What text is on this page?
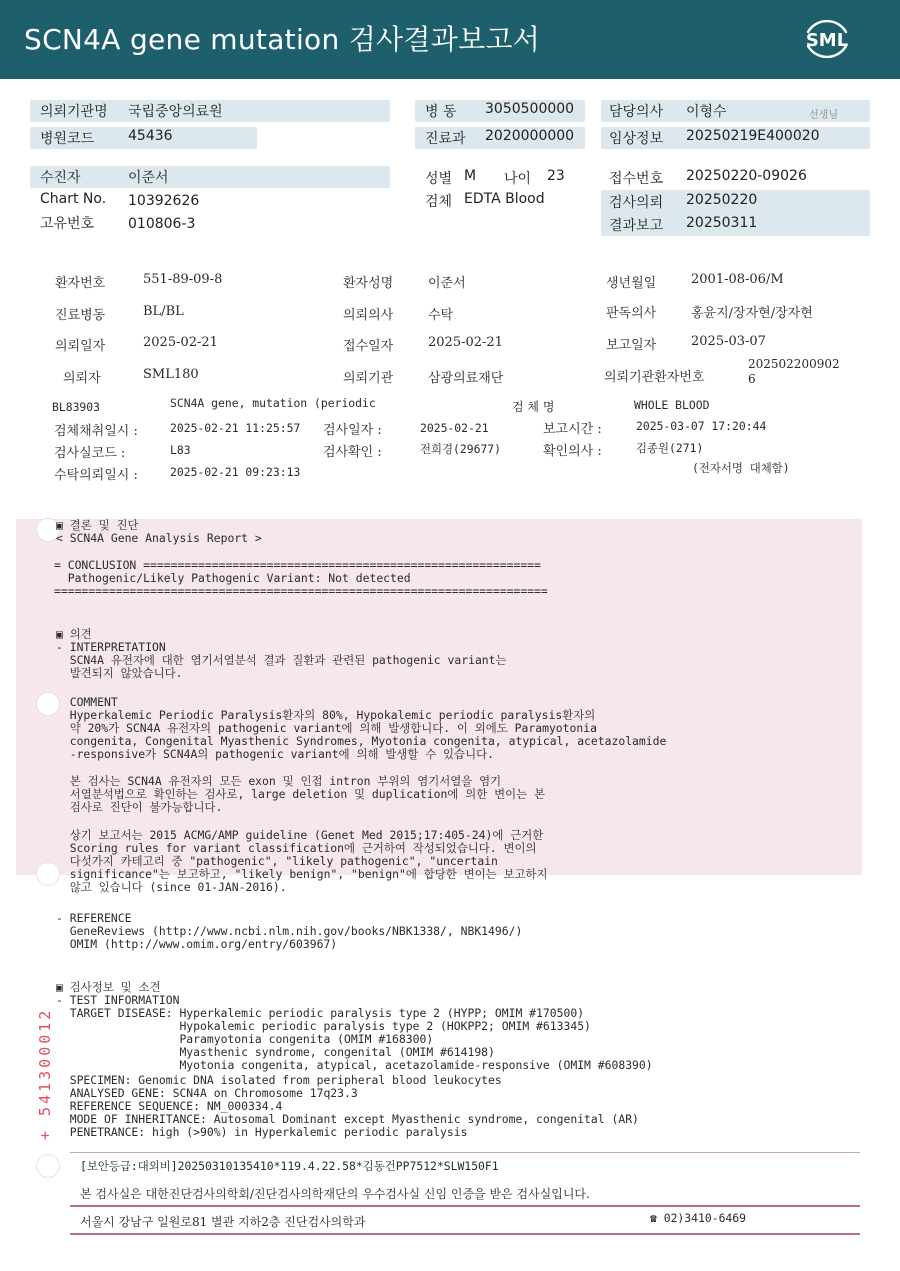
SCN4A gene mutation 검사결과보고서	SML
의뢰기관명 국립중앙의료원
병원코드 45436
병 동 3050500000
진료과 2020000000
담당의사 이형수	선생님
임상정보 20250219E400020
수진자	이준서
Chart No. 10392626
고유번호 010806-3
성별 M 나이 23
검체 EDTA Blood
접수번호 20250220-09026
검사의뢰 20250220
결과보고 20250311
환자번호	551-89-09-8	환자성명	이준서	생년월일	2001-08-06/M
진료병동	BL/BL	의뢰의사	수탁	판독의사	홍윤지/장자현/장자현
의뢰일자	2025-02-21	접수일자	2025-02-21	보고일자	2025-03-07
의뢰자	SML180	의뢰기관	삼광의료재단	의뢰기관환자번호
202502200902
6
BL83903	SCN4A gene, mutation (periodic	검 체 명	WHOLE BLOOD
검체채취일시 :	2025-02-21 11:25:57 검사일자 :	2025-02-21	보고시간 :	2025-03-07 17:20:44
검사실코드 :	L83	검사확인 :	전희경(29677)	확인의사 :	김종원(271)
수탁의뢰일시 :	2025-02-21 09:23:13	(전자서명 대체함)
▣ 결론 및 진단
< SCN4A Gene Analysis Report >
= CONCLUSION ==========================================================
Pathogenic/Likely Pathogenic Variant: Not detected
========================================================================
▣ 의견
- INTERPRETATION
SCN4A 유전자에 대한 염기서열분석 결과 질환과 관련된 pathogenic variant는
발견되지 않았습니다.
COMMENT
Hyperkalemic Periodic Paralysis환자의 80%, Hypokalemic periodic paralysis환자의
약 20%가 SCN4A 유전자의 pathogenic variant에 의해 발생합니다. 이 외에도 Paramyotonia
congenita, Congenital Myasthenic Syndromes, Myotonia congenita, atypical, acetazolamide
-responsive가 SCN4A의 pathogenic variant에 의해 발생할 수 있습니다.
본 검사는 SCN4A 유전자의 모든 exon 및 인접 intron 부위의 염기서열을 염기
서열분석법으로 확인하는 검사로, large deletion 및 duplication에 의한 변이는 본
검사로 진단이 불가능합니다.
상기 보고서는 2015 ACMG/AMP guideline (Genet Med 2015;17:405-24)에 근거한
Scoring rules for variant classification에 근거하여 작성되었습니다. 변이의
다섯가지 카테고리 중 "pathogenic", "likely pathogenic", "uncertain
significance"는 보고하고, "likely benign", "benign"에 합당한 변이는 보고하지
않고 있습니다 (since 01-JAN-2016).
- REFERENCE
GeneReviews (http://www.ncbi.nlm.nih.gov/books/NBK1338/, NBK1496/)
OMIM (http://www.omim.org/entry/603967)
▣ 검사정보 및 소견
- TEST INFORMATION
TARGET DISEASE: Hyperkalemic periodic paralysis type 2 (HYPP; OMIM #170500)
Hypokalemic periodic paralysis type 2 (HOKPP2; OMIM #613345)
Paramyotonia congenita (OMIM #168300)
Myasthenic syndrome, congenital (OMIM #614198)
Myotonia congenita, atypical, acetazolamide-responsive (OMIM #608390)
SPECIMEN: Genomic DNA isolated from peripheral blood leukocytes
ANALYSED GENE: SCN4A on Chromosome 17q23.3
REFERENCE SEQUENCE: NM_000334.4
MODE OF INHERITANCE: Autosomal Dominant except Myasthenic syndrome, congenital (AR)
PENETRANCE: high (>90%) in Hyperkalemic periodic paralysis
+ 541300012
[보안등급:대외비]20250310135410*119.4.22.58*김동건PP7512*SLW150F1
본 검사실은 대한진단검사의학회/진단검사의학재단의 우수검사실 신임 인증을 받은 검사실입니다.
서울시 강남구 일원로81 별관 지하2층 진단검사의학과	☎ 02)3410-6469
